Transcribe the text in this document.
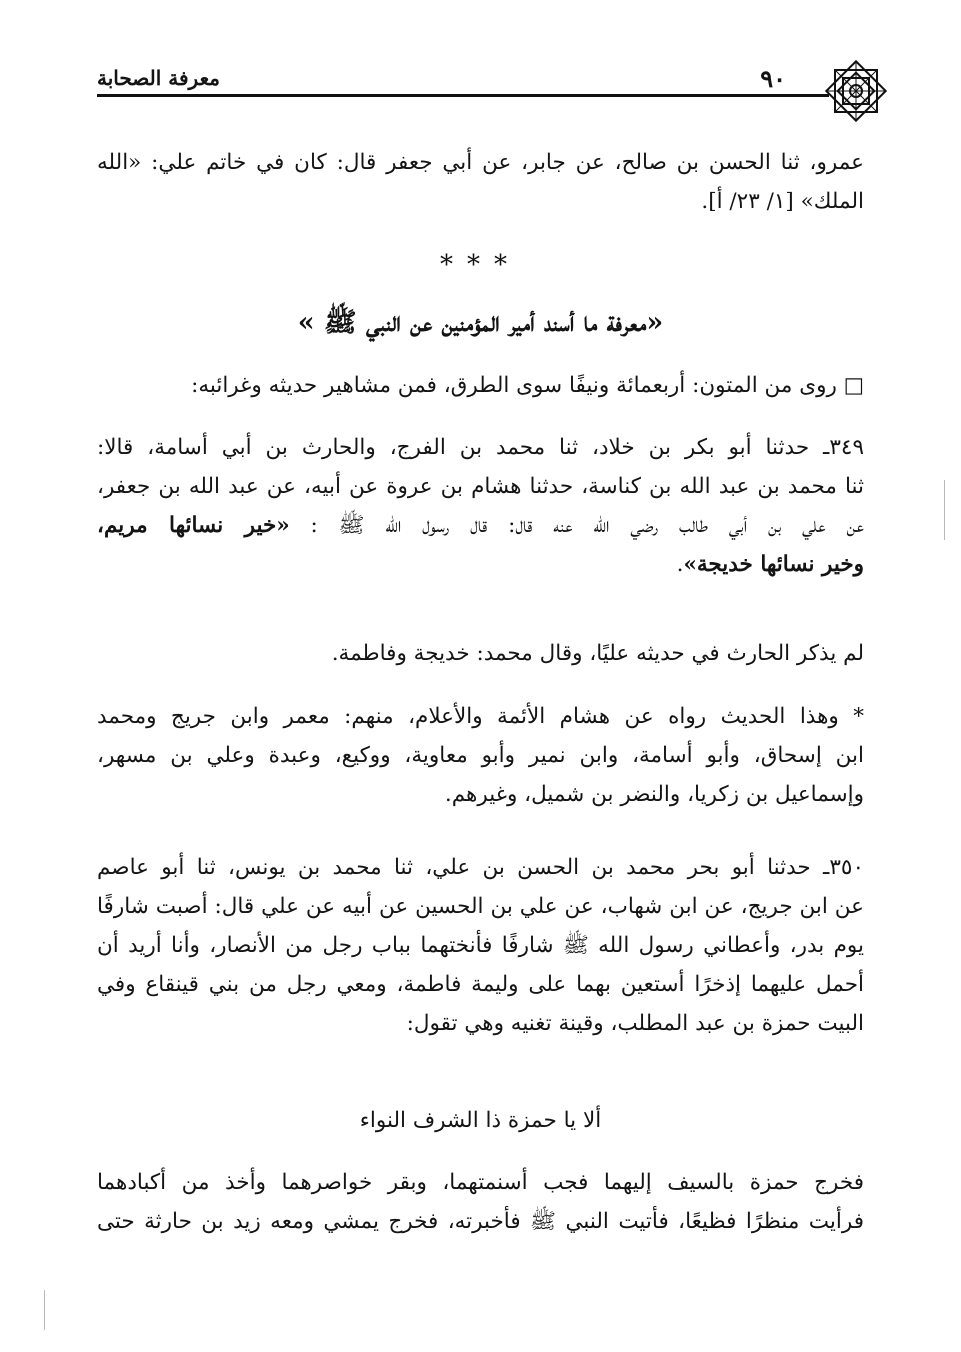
٩٠
معرفة الصحابة
عمرو، ثنا الحسن بن صالح، عن جابر، عن أبي جعفر قال: كان في خاتم علي: «الله
الملك» [١/ ٢٣/ أ].
***
«معرفة ما أسند أمير المؤمنين عن النبي ﷺ »
□ روى من المتون: أربعمائة ونيفًا سوى الطرق، فمن مشاهير حديثه وغرائبه:
٣٤٩ـ حدثنا أبو بكر بن خلاد، ثنا محمد بن الفرج، والحارث بن أبي أسامة، قالا:
ثنا محمد بن عبد الله بن كناسة، حدثنا هشام بن عروة عن أبيه، عن عبد الله بن جعفر،
عن علي بن أبي طالب رضي الله عنه قال: قال رسول الله ﷺ : «خير نسائها مريم،
وخير نسائها خديجة».
لم يذكر الحارث في حديثه عليًا، وقال محمد: خديجة وفاطمة.
* وهذا الحديث رواه عن هشام الأئمة والأعلام، منهم: معمر وابن جريج ومحمد
ابن إسحاق، وأبو أسامة، وابن نمير وأبو معاوية، ووكيع، وعبدة وعلي بن مسهر،
وإسماعيل بن زكريا، والنضر بن شميل، وغيرهم.
٣٥٠ـ حدثنا أبو بحر محمد بن الحسن بن علي، ثنا محمد بن يونس، ثنا أبو عاصم
عن ابن جريج، عن ابن شهاب، عن علي بن الحسين عن أبيه عن علي قال: أصبت شارفًا
يوم بدر، وأعطاني رسول الله ﷺ شارفًا فأنختهما بباب رجل من الأنصار، وأنا أريد أن
أحمل عليهما إذخرًا أستعين بهما على وليمة فاطمة، ومعي رجل من بني قينقاع وفي
البيت حمزة بن عبد المطلب، وقينة تغنيه وهي تقول:
ألا يا حمزة ذا الشرف النواء
فخرج حمزة بالسيف إليهما فجب أسنمتهما، وبقر خواصرهما وأخذ من أكبادهما
فرأيت منظرًا فظيعًا، فأتيت النبي ﷺ فأخبرته، فخرج يمشي ومعه زيد بن حارثة حتى
